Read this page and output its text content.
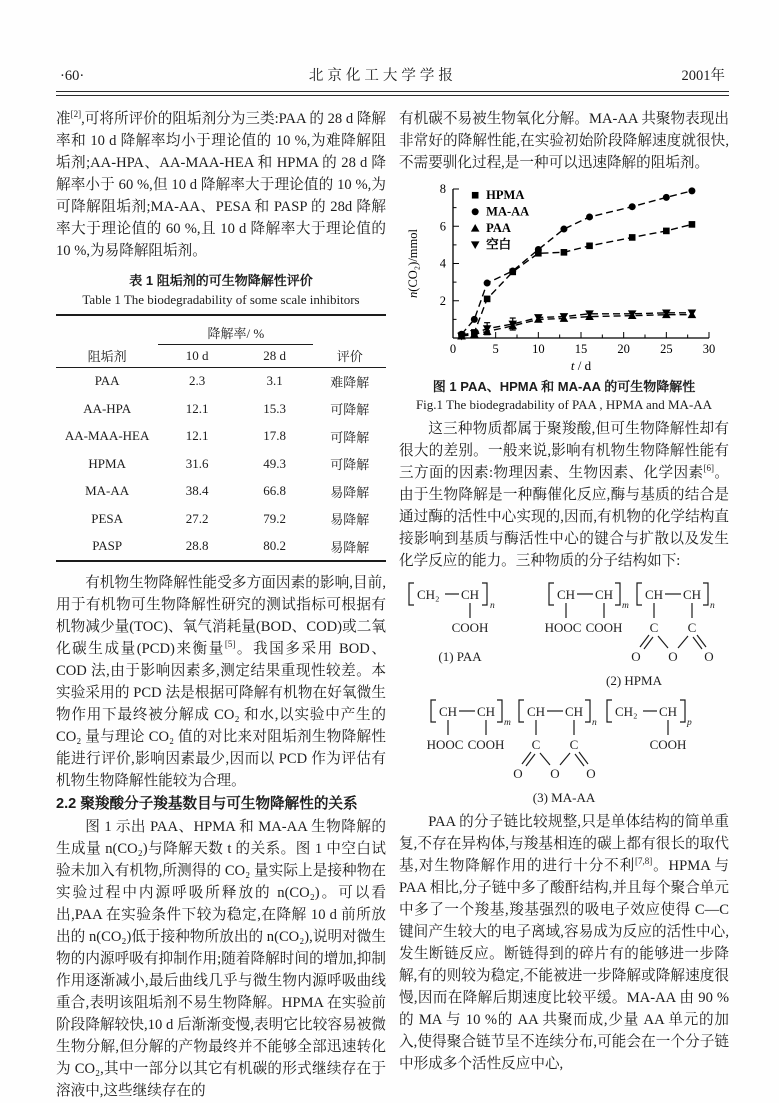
·60·	北京化工大学学报	2001年

准[2],可将所评价的阻垢剂分为三类:PAA 的 28 d 降解率和 10 d 降解率均小于理论值的 10 %,为难降解阻垢剂;AA-HPA、AA-MAA-HEA 和 HPMA 的 28 d 降解率小于 60 %,但 10 d 降解率大于理论值的 10 %,为可降解阻垢剂;MA-AA、PESA 和 PASP 的 28d 降解率大于理论值的 60 %,且 10 d 降解率大于理论值的 10 %,为易降解阻垢剂。

表 1 阻垢剂的可生物降解性评价
Table 1 The biodegradability of some scale inhibitors
阻垢剂	降解率/ %		评价
	10 d	28 d	
PAA	2.3	3.1	难降解
AA-HPA	12.1	15.3	可降解
AA-MAA-HEA	12.1	17.8	可降解
HPMA	31.6	49.3	可降解
MA-AA	38.4	66.8	易降解
PESA	27.2	79.2	易降解
PASP	28.8	80.2	易降解

有机物生物降解性能受多方面因素的影响,目前,用于有机物可生物降解性研究的测试指标可根据有机物减少量(TOC)、氧气消耗量(BOD、COD)或二氧化碳生成量(PCD)来衡量[5]。我国多采用 BOD、COD 法,由于影响因素多,测定结果重现性较差。本实验采用的 PCD 法是根据可降解有机物在好氧微生物作用下最终被分解成 CO₂ 和水,以实验中产生的 CO₂ 量与理论 CO₂ 值的对比来对阻垢剂生物降解性能进行评价,影响因素最少,因而以 PCD 作为评估有机物生物降解性能较为合理。

2.2 聚羧酸分子羧基数目与可生物降解性的关系

图 1 示出 PAA、HPMA 和 MA-AA 生物降解的生成量 n(CO₂)与降解天数 t 的关系。图 1 中空白试验未加入有机物,所测得的 CO₂ 量实际上是接种物在实验过程中内源呼吸所释放的 n(CO₂)。可以看出,PAA 在实验条件下较为稳定,在降解 10 d 前所放出的 n(CO₂)低于接种物所放出的 n(CO₂),说明对微生物的内源呼吸有抑制作用;随着降解时间的增加,抑制作用逐渐减小,最后曲线几乎与微生物内源呼吸曲线重合,表明该阻垢剂不易生物降解。HPMA 在实验前阶段降解较快,10 d 后渐渐变慢,表明它比较容易被微生物分解,但分解的产物最终并不能够全部迅速转化为 CO₂,其中一部分以其它有机碳的形式继续存在于溶液中,这些继续存在的

有机碳不易被生物氧化分解。MA-AA 共聚物表现出非常好的降解性能,在实验初始阶段降解速度就很快,不需要驯化过程,是一种可以迅速降解的阻垢剂。

0	5	10 15 20 25 30
2
4
6
8
t / d
n(CO₂)/mmol
HPMA
MA-AA
PAA
空白
图 1 PAA、HPMA 和 MA-AA 的可生物降解性
Fig.1 The biodegradability of PAA , HPMA and MA-AA

这三种物质都属于聚羧酸,但可生物降解性却有很大的差别。一般来说,影响有机物生物降解性能有三方面的因素:物理因素、生物因素、化学因素[6]。由于生物降解是一种酶催化反应,酶与基质的结合是通过酶的活性中心实现的,因而,有机物的化学结构直接影响到基质与酶活性中心的键合与扩散以及发生化学反应的能力。三种物质的分子结构如下:

CH₂ CH
n
COOH
(1) PAA
CH CH
m
CH CH
n
HOOC COOH C C
O O O
(2) HPMA
CH CH
m
CH CH
n
CH₂ CH
p
HOOC COOH C C	COOH
O O O
(3) MA-AA

PAA 的分子链比较规整,只是单体结构的简单重复,不存在异构体,与羧基相连的碳上都有很长的取代基,对生物降解作用的进行十分不利[7,8]。HPMA 与 PAA 相比,分子链中多了酸酐结构,并且每个聚合单元中多了一个羧基,羧基强烈的吸电子效应使得 C—C 键间产生较大的电子离域,容易成为反应的活性中心,发生断链反应。断链得到的碎片有的能够进一步降解,有的则较为稳定,不能被进一步降解或降解速度很慢,因而在降解后期速度比较平缓。MA-AA 由 90 %的 MA 与 10 %的 AA 共聚而成,少量 AA 单元的加入,使得聚合链节呈不连续分布,可能会在一个分子链中形成多个活性反应中心,
